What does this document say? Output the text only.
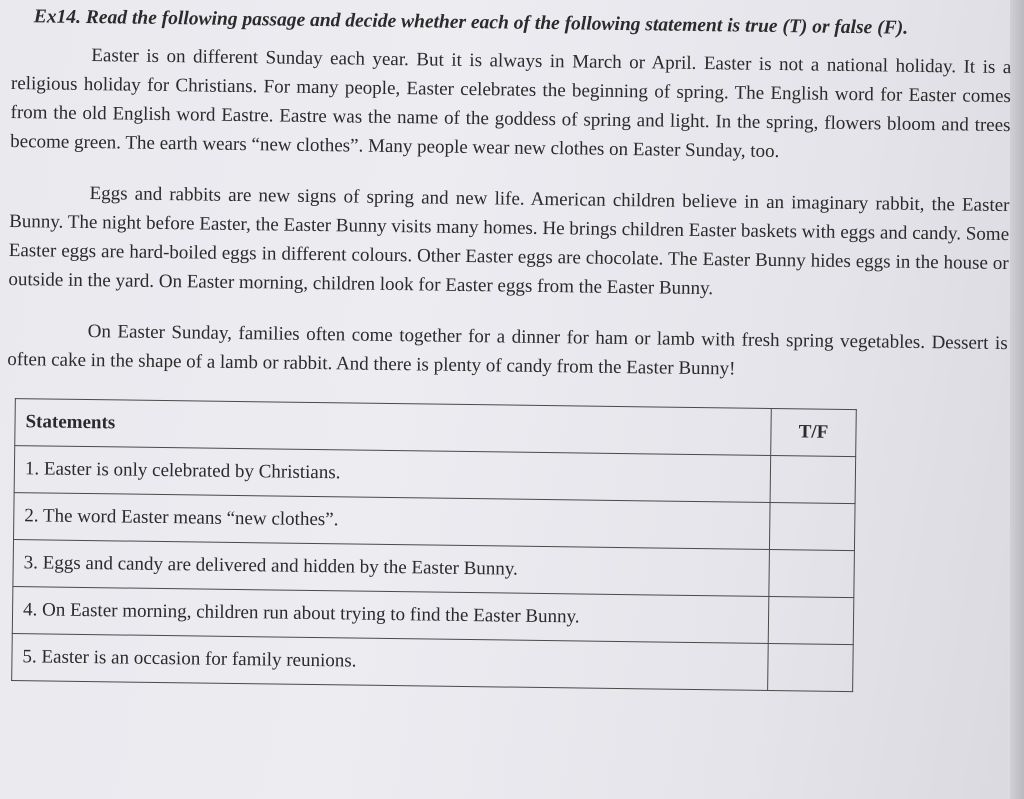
Ex14. Read the following passage and decide whether each of the following statement is true (T) or false (F).

Easter is on different Sunday each year. But it is always in March or April. Easter is not a national holiday. It is a religious holiday for Christians. For many people, Easter celebrates the beginning of spring. The English word for Easter comes from the old English word Eastre. Eastre was the name of the goddess of spring and light. In the spring, flowers bloom and trees become green. The earth wears “new clothes”. Many people wear new clothes on Easter Sunday, too.

Eggs and rabbits are new signs of spring and new life. American children believe in an imaginary rabbit, the Easter Bunny. The night before Easter, the Easter Bunny visits many homes. He brings children Easter baskets with eggs and candy. Some Easter eggs are hard-boiled eggs in different colours. Other Easter eggs are chocolate. The Easter Bunny hides eggs in the house or outside in the yard. On Easter morning, children look for Easter eggs from the Easter Bunny.

On Easter Sunday, families often come together for a dinner for ham or lamb with fresh spring vegetables. Dessert is often cake in the shape of a lamb or rabbit. And there is plenty of candy from the Easter Bunny!

Statements	T/F
1. Easter is only celebrated by Christians.	
2. The word Easter means “new clothes”.	
3. Eggs and candy are delivered and hidden by the Easter Bunny.	
4. On Easter morning, children run about trying to find the Easter Bunny.	
5. Easter is an occasion for family reunions.	
